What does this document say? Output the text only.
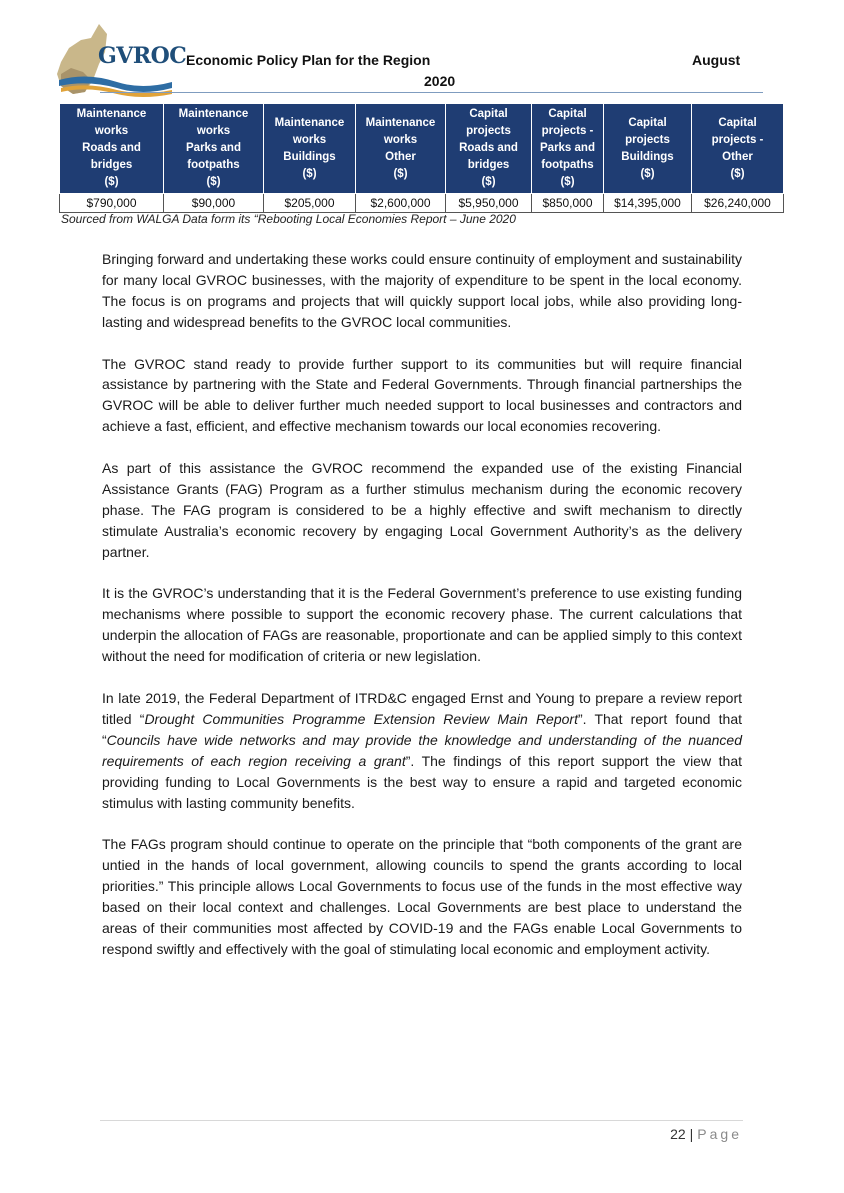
GVROC Economic Policy Plan for the Region	August
2020
Maintenance
works
Roads and
bridges
($)	Maintenance
works
Parks and
footpaths
($)	Maintenance
works
Buildings
($)	Maintenance
works
Other
($)	Capital
projects
Roads and
bridges
($)	Capital
projects -
Parks and
footpaths
($)	Capital
projects
Buildings
($)	Capital
projects -
Other
($)
$790,000	$90,000	$205,000	$2,600,000	$5,950,000	$850,000	$14,395,000	$26,240,000
Sourced from WALGA Data form its “Rebooting Local Economies Report – June 2020

Bringing forward and undertaking these works could ensure continuity of employment and sustainability for many local GVROC businesses, with the majority of expenditure to be spent in the local economy. The focus is on programs and projects that will quickly support local jobs, while also providing long-lasting and widespread benefits to the GVROC local communities.

The GVROC stand ready to provide further support to its communities but will require financial assistance by partnering with the State and Federal Governments. Through financial partnerships the GVROC will be able to deliver further much needed support to local businesses and contractors and achieve a fast, efficient, and effective mechanism towards our local economies recovering.

As part of this assistance the GVROC recommend the expanded use of the existing Financial Assistance Grants (FAG) Program as a further stimulus mechanism during the economic recovery phase. The FAG program is considered to be a highly effective and swift mechanism to directly stimulate Australia’s economic recovery by engaging Local Government Authority’s as the delivery partner.

It is the GVROC’s understanding that it is the Federal Government’s preference to use existing funding mechanisms where possible to support the economic recovery phase. The current calculations that underpin the allocation of FAGs are reasonable, proportionate and can be applied simply to this context without the need for modification of criteria or new legislation.

In late 2019, the Federal Department of ITRD&C engaged Ernst and Young to prepare a review report titled “Drought Communities Programme Extension Review Main Report”. That report found that “Councils have wide networks and may provide the knowledge and understanding of the nuanced requirements of each region receiving a grant”. The findings of this report support the view that providing funding to Local Governments is the best way to ensure a rapid and targeted economic stimulus with lasting community benefits.

The FAGs program should continue to operate on the principle that “both components of the grant are untied in the hands of local government, allowing councils to spend the grants according to local priorities.” This principle allows Local Governments to focus use of the funds in the most effective way based on their local context and challenges. Local Governments are best place to understand the areas of their communities most affected by COVID-19 and the FAGs enable Local Governments to respond swiftly and effectively with the goal of stimulating local economic and employment activity.

22 | Page
